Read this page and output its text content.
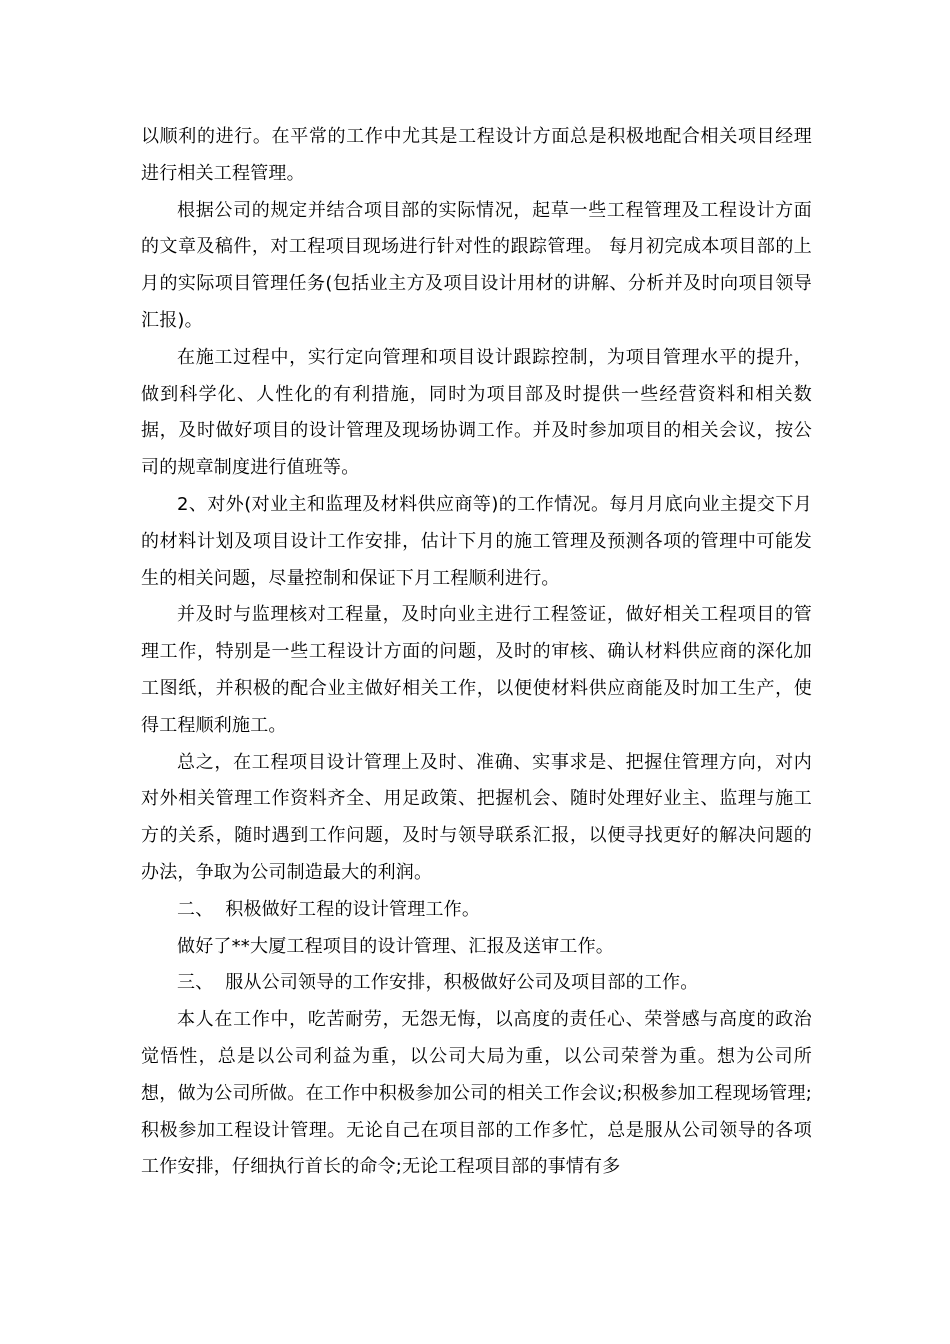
以顺利的进行。在平常的工作中尤其是工程设计方面总是积极地配合相关项目经理进行相关工程管理。

根据公司的规定并结合项目部的实际情况，起草一些工程管理及工程设计方面的文章及稿件，对工程项目现场进行针对性的跟踪管理。 每月初完成本项目部的上月的实际项目管理任务(包括业主方及项目设计用材的讲解、分析并及时向项目领导汇报)。

在施工过程中，实行定向管理和项目设计跟踪控制，为项目管理水平的提升，做到科学化、人性化的有利措施，同时为项目部及时提供一些经营资料和相关数据，及时做好项目的设计管理及现场协调工作。并及时参加项目的相关会议，按公司的规章制度进行值班等。

2、对外(对业主和监理及材料供应商等)的工作情况。每月月底向业主提交下月的材料计划及项目设计工作安排，估计下月的施工管理及预测各项的管理中可能发生的相关问题，尽量控制和保证下月工程顺利进行。

并及时与监理核对工程量，及时向业主进行工程签证，做好相关工程项目的管理工作，特别是一些工程设计方面的问题，及时的审核、确认材料供应商的深化加工图纸，并积极的配合业主做好相关工作，以便使材料供应商能及时加工生产，使得工程顺利施工。

总之，在工程项目设计管理上及时、准确、实事求是、把握住管理方向，对内对外相关管理工作资料齐全、用足政策、把握机会、随时处理好业主、监理与施工方的关系，随时遇到工作问题，及时与领导联系汇报，以便寻找更好的解决问题的办法，争取为公司制造最大的利润。

二、  积极做好工程的设计管理工作。

做好了**大厦工程项目的设计管理、汇报及送审工作。

三、  服从公司领导的工作安排，积极做好公司及项目部的工作。

本人在工作中，吃苦耐劳，无怨无悔，以高度的责任心、荣誉感与高度的政治觉悟性，总是以公司利益为重，以公司大局为重，以公司荣誉为重。想为公司所想，做为公司所做。在工作中积极参加公司的相关工作会议;积极参加工程现场管理; 积极参加工程设计管理。无论自己在项目部的工作多忙，总是服从公司领导的各项工作安排，仔细执行首长的命令;无论工程项目部的事情有多
